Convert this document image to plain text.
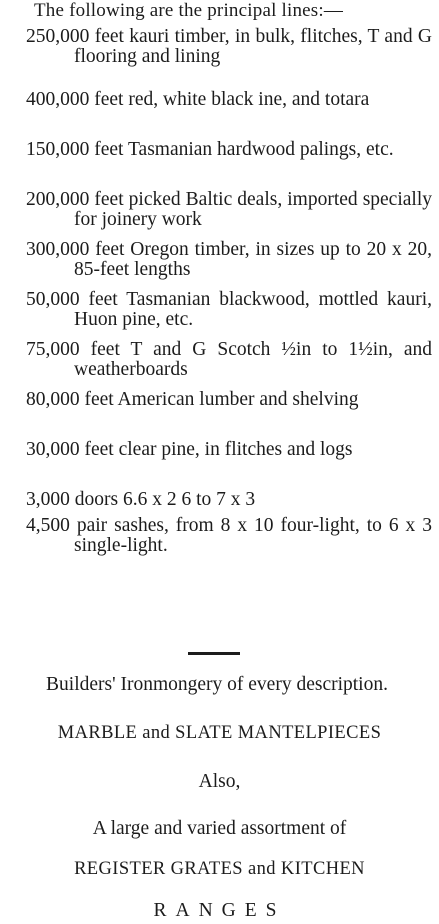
The following are the principal lines:—
250,000 feet kauri timber, in bulk, flitches, T and G flooring and lining
400,000 feet red, white black ine, and totara
150,000 feet Tasmanian hardwood palings, etc.
200,000 feet picked Baltic deals, imported specially for joinery work
300,000 feet Oregon timber, in sizes up to 20 x 20, 85-feet lengths
50,000 feet Tasmanian blackwood, mottled kauri, Huon pine, etc.
75,000 feet T and G Scotch ½in to 1½in, and weatherboards
80,000 feet American lumber and shelving
30,000 feet clear pine, in flitches and logs
3,000 doors 6.6 x 2 6 to 7 x 3
4,500 pair sashes, from 8 x 10 four-light, to 6 x 3 single-light.
Builders' Ironmongery of every description.
MARBLE and SLATE MANTELPIECES
Also,
A large and varied assortment of
REGISTER GRATES and KITCHEN
RANGES
